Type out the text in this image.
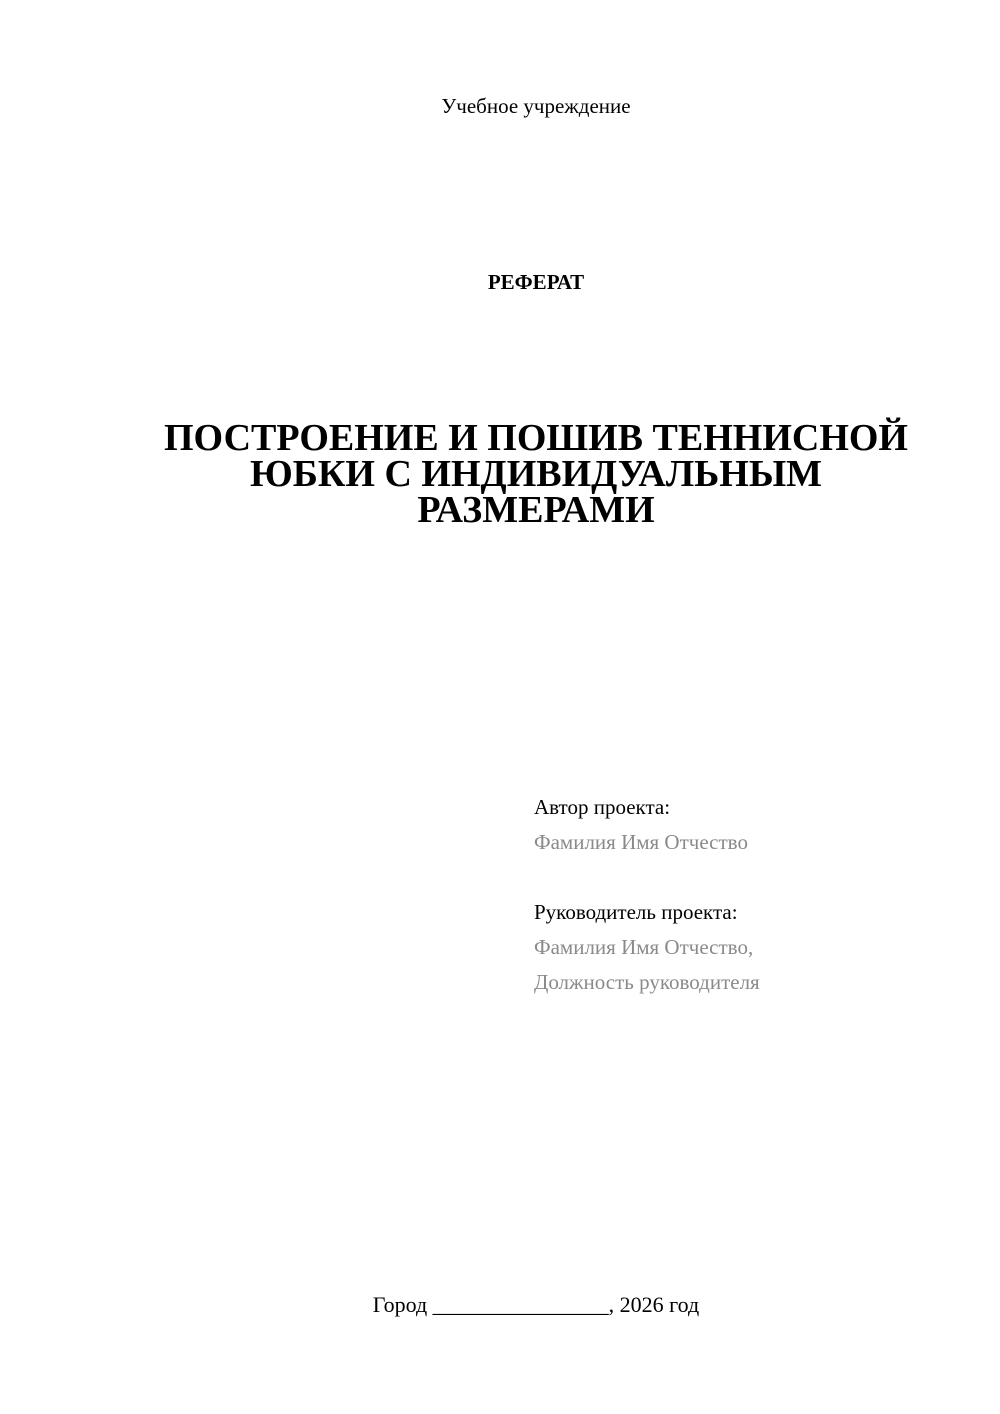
Учебное учреждение
РЕФЕРАТ
ПОСТРОЕНИЕ И ПОШИВ ТЕННИСНОЙ
ЮБКИ С ИНДИВИДУАЛЬНЫМ
РАЗМЕРАМИ
Автор проекта:
Фамилия Имя Отчество
Руководитель проекта:
Фамилия Имя Отчество,
Должность руководителя
Город ________________, 2026 год
